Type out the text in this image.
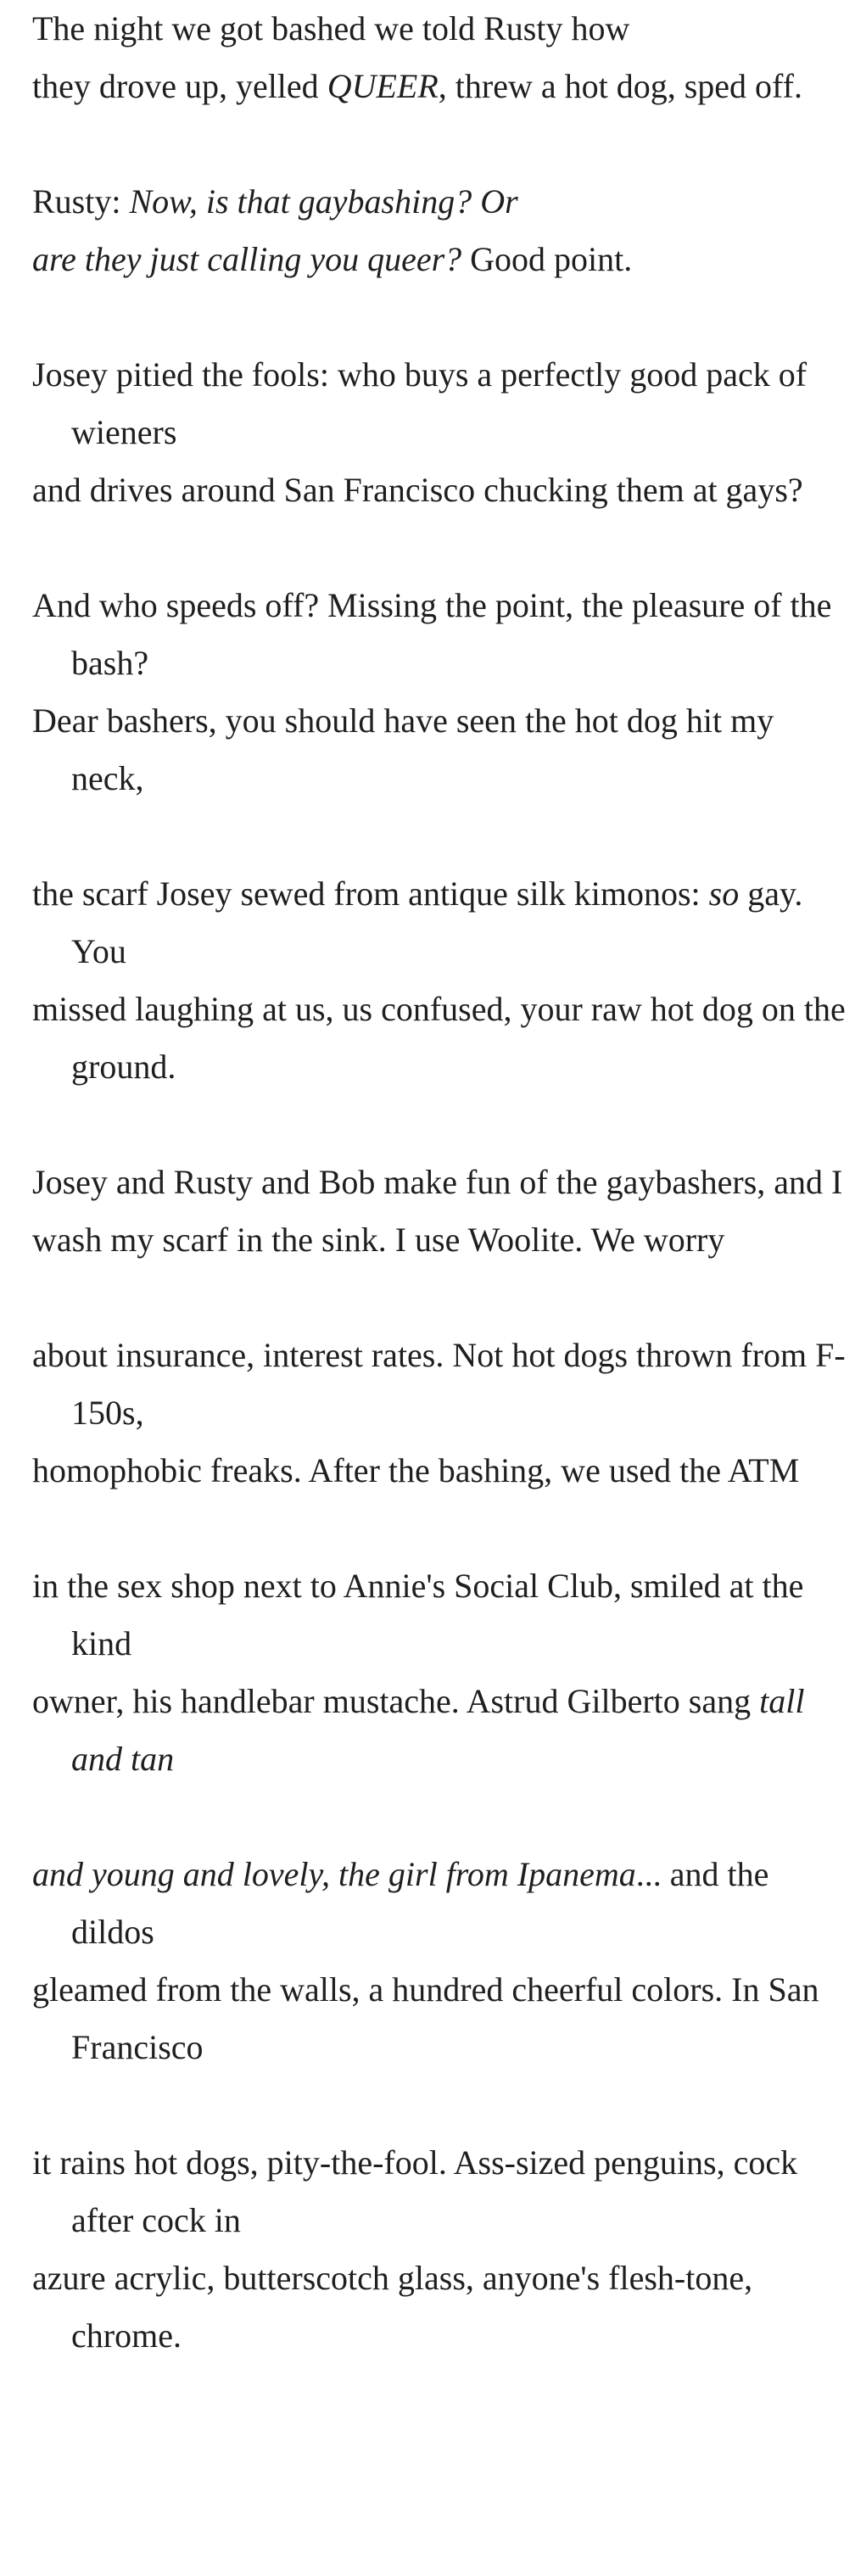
The night we got bashed we told Rusty how

they drove up, yelled QUEER, threw a hot dog, sped off.

Rusty: Now, is that gaybashing? Or

are they just calling you queer? Good point.

Josey pitied the fools: who buys a perfectly good pack of wieners

and drives around San Francisco chucking them at gays?

And who speeds off? Missing the point, the pleasure of the bash?

Dear bashers, you should have seen the hot dog hit my neck,

the scarf Josey sewed from antique silk kimonos: so gay. You

missed laughing at us, us confused, your raw hot dog on the ground.

Josey and Rusty and Bob make fun of the gaybashers, and I

wash my scarf in the sink. I use Woolite. We worry

about insurance, interest rates. Not hot dogs thrown from F-150s,

homophobic freaks. After the bashing, we used the ATM

in the sex shop next to Annie's Social Club, smiled at the kind

owner, his handlebar mustache. Astrud Gilberto sang tall and tan

and young and lovely, the girl from Ipanema... and the dildos

gleamed from the walls, a hundred cheerful colors. In San Francisco

it rains hot dogs, pity-the-fool. Ass-sized penguins, cock after cock in

azure acrylic, butterscotch glass, anyone's flesh-tone, chrome.
